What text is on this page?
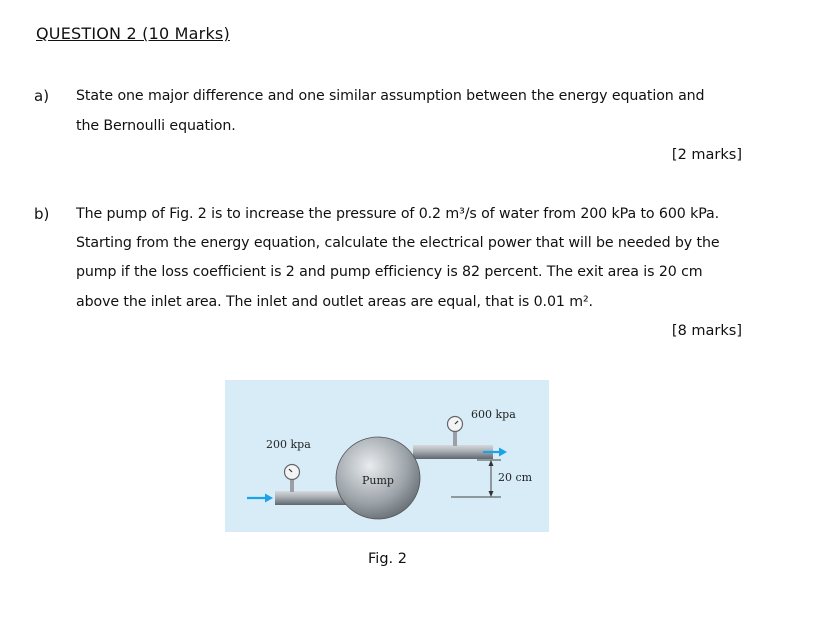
QUESTION 2 (10 Marks)
a) State one major difference and one similar assumption between the energy equation and
the Bernoulli equation.
[2 marks]
b) The pump of Fig. 2 is to increase the pressure of 0.2 m³/s of water from 200 kPa to 600 kPa.
Starting from the energy equation, calculate the electrical power that will be needed by the
pump if the loss coefficient is 2 and pump efficiency is 82 percent. The exit area is 20 cm
above the inlet area. The inlet and outlet areas are equal, that is 0.01 m².
[8 marks]
200 kpa
600 kpa
Pump	20 cm
Fig. 2
